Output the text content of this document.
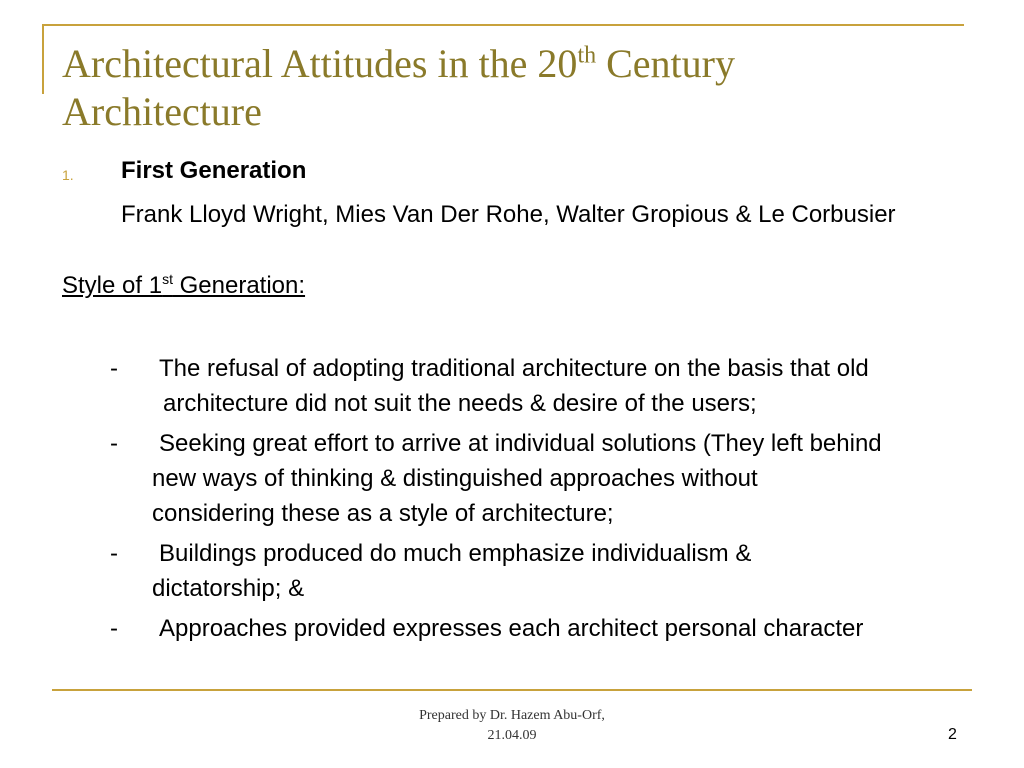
Architectural Attitudes in the 20th Century
Architecture
1. First Generation
Frank Lloyd Wright, Mies Van Der Rohe, Walter Gropious & Le Corbusier
Style of 1st Generation:
- The refusal of adopting traditional architecture on the basis that old
architecture did not suit the needs & desire of the users;
- Seeking great effort to arrive at individual solutions (They left behind
new ways of thinking & distinguished approaches without
considering these as a style of architecture;
- Buildings produced do much emphasize individualism &
dictatorship; &
- Approaches provided expresses each architect personal character
Prepared by Dr. Hazem Abu-Orf,
21.04.09	2
